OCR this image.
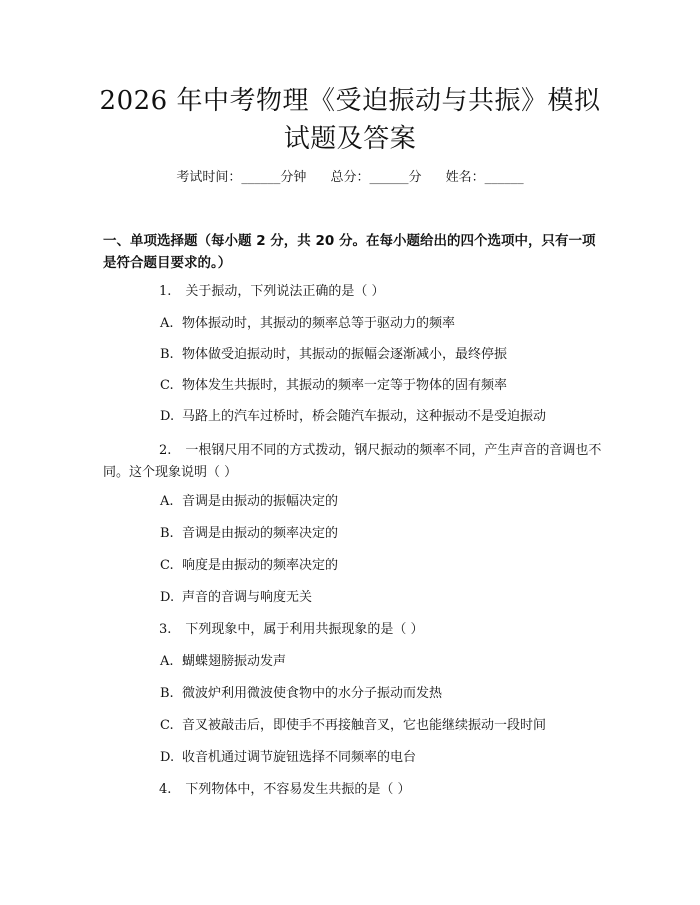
2026 年中考物理《受迫振动与共振》模拟试题及答案
考试时间：______分钟 总分：______分 姓名：______
一、单项选择题（每小题 2 分，共 20 分。在每小题给出的四个选项中，只有一项是符合题目要求的。）
1. 关于振动，下列说法正确的是（ ）
A. 物体振动时，其振动的频率总等于驱动力的频率
B. 物体做受迫振动时，其振动的振幅会逐渐减小，最终停振
C. 物体发生共振时，其振动的频率一定等于物体的固有频率
D. 马路上的汽车过桥时，桥会随汽车振动，这种振动不是受迫振动
2. 一根钢尺用不同的方式拨动，钢尺振动的频率不同，产生声音的音调也不同。这个现象说明（ ）
A. 音调是由振动的振幅决定的
B. 音调是由振动的频率决定的
C. 响度是由振动的频率决定的
D. 声音的音调与响度无关
3. 下列现象中，属于利用共振现象的是（ ）
A. 蝴蝶翅膀振动发声
B. 微波炉利用微波使食物中的水分子振动而发热
C. 音叉被敲击后，即使手不再接触音叉，它也能继续振动一段时间
D. 收音机通过调节旋钮选择不同频率的电台
4. 下列物体中，不容易发生共振的是（ ）
